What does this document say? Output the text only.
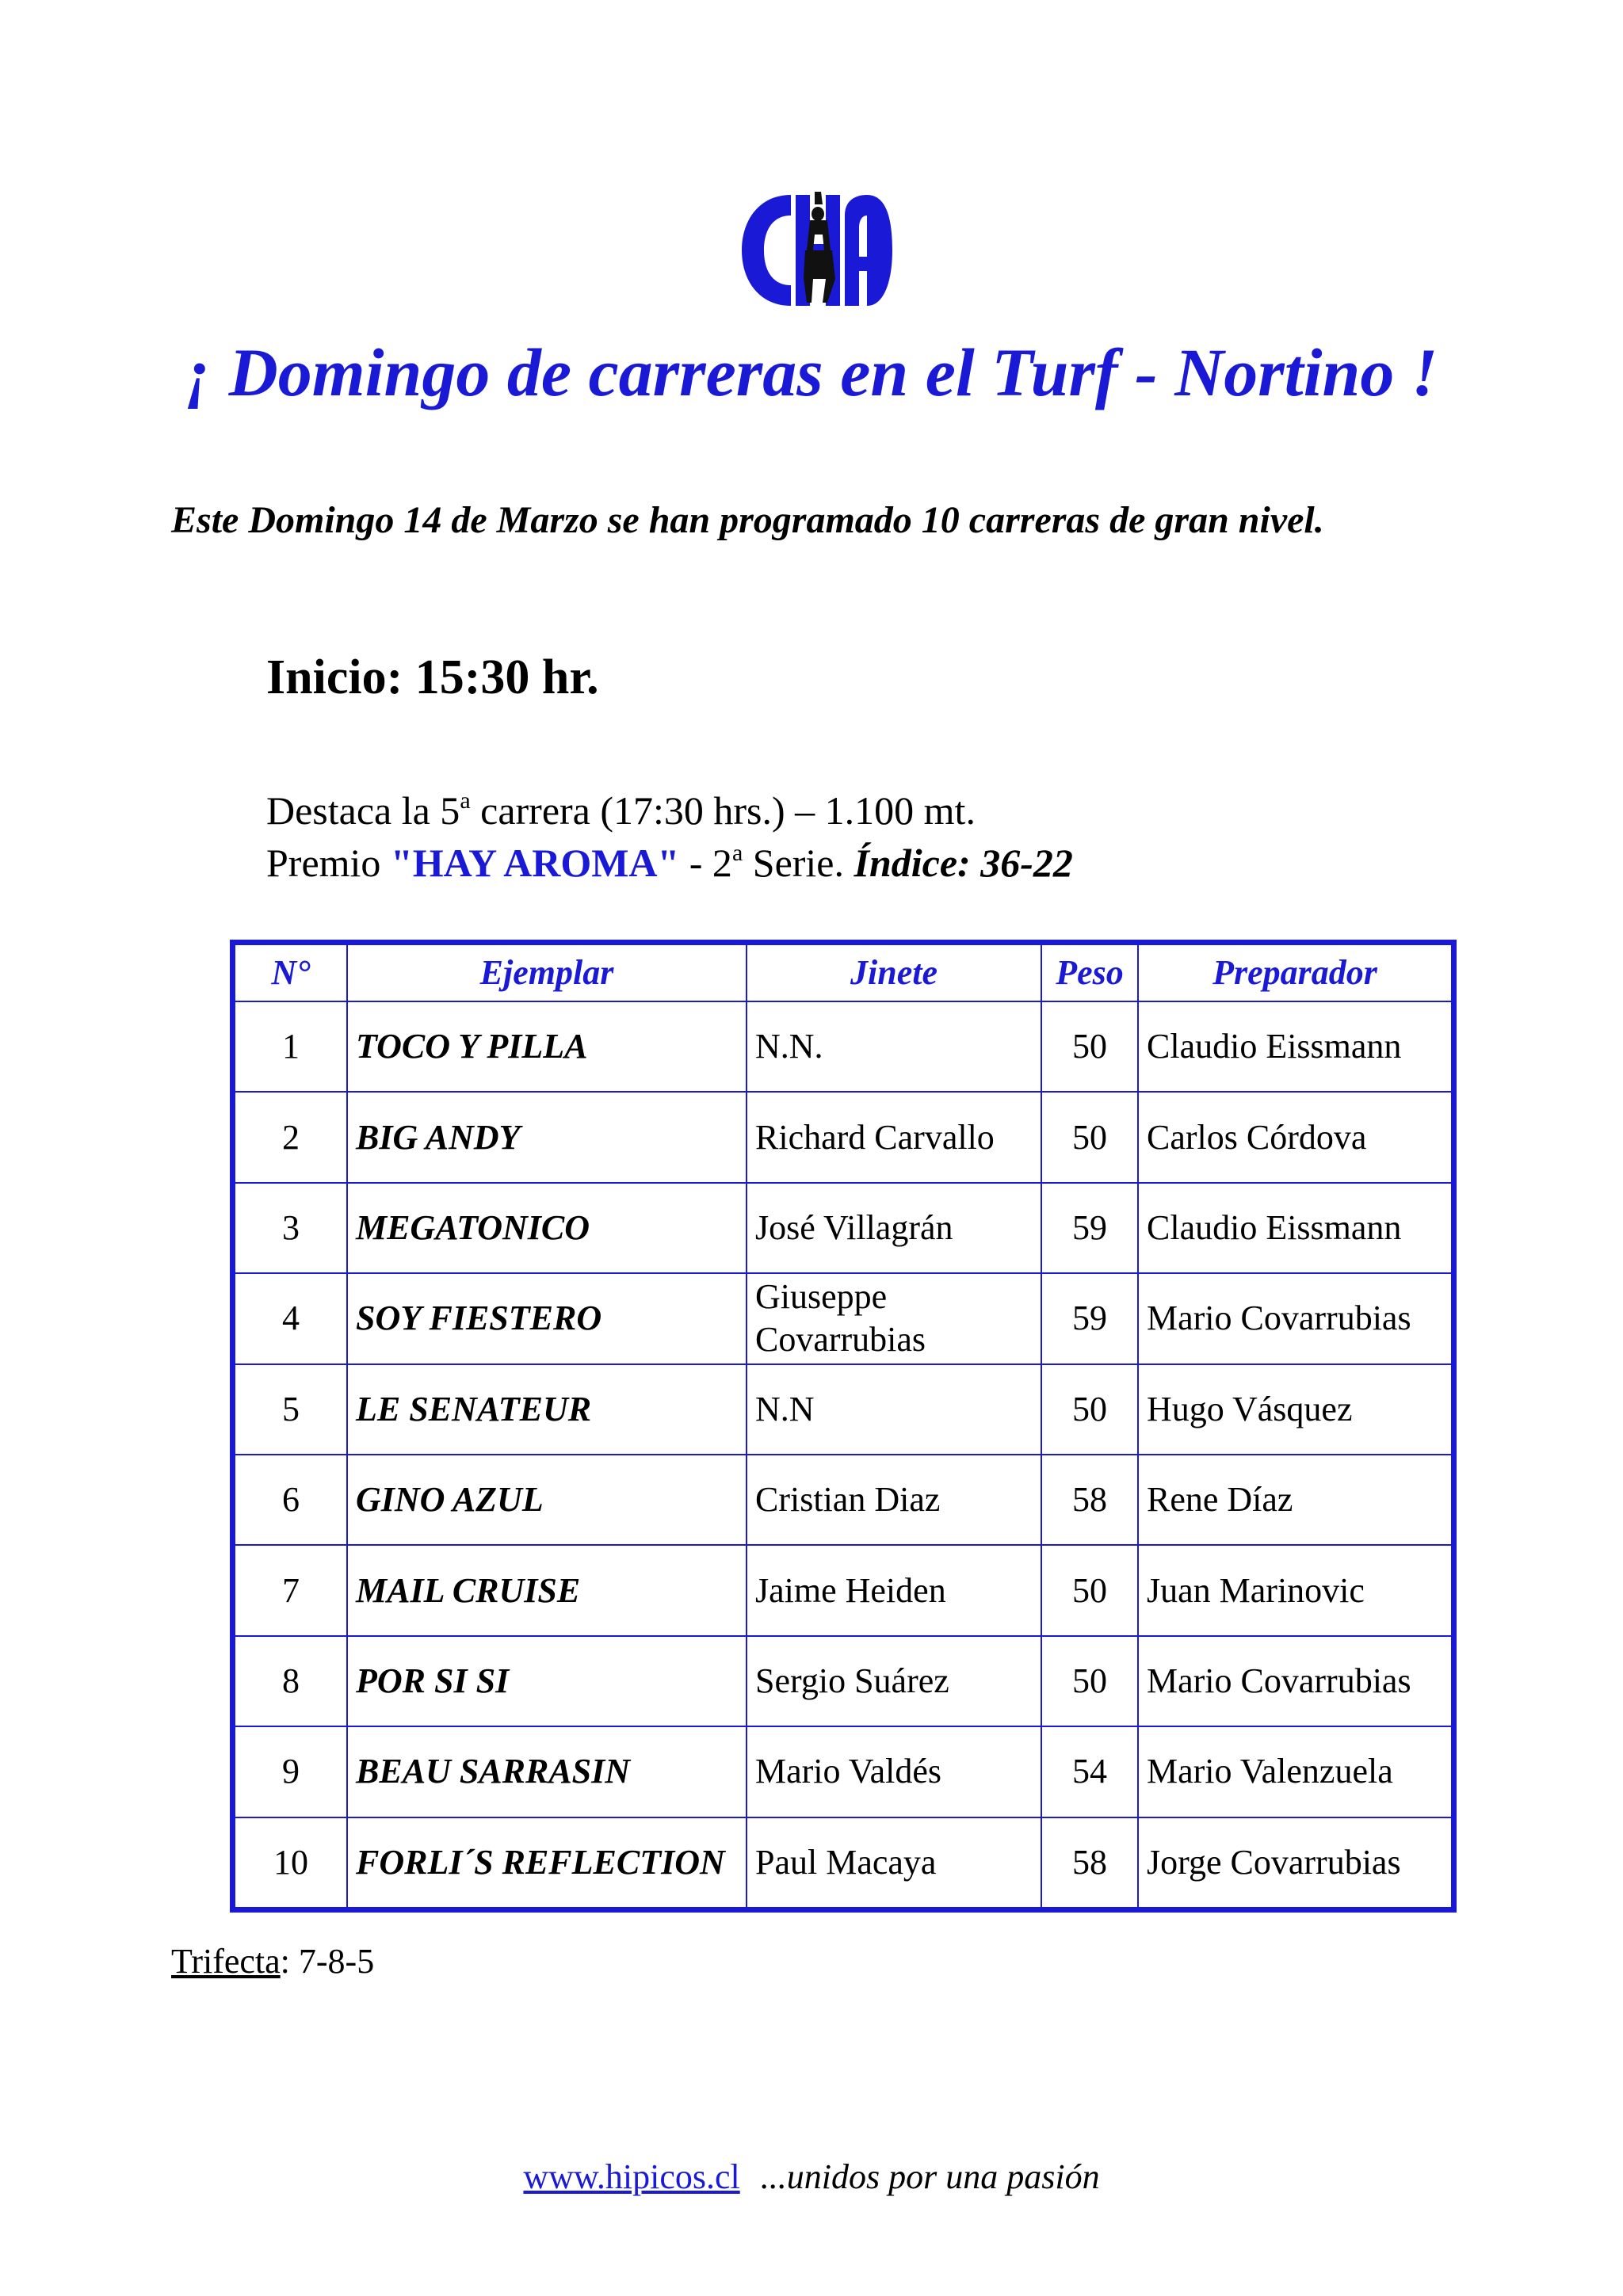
¡ Domingo de carreras en el Turf - Nortino !
Este Domingo 14 de Marzo se han programado 10 carreras de gran nivel.
Inicio: 15:30 hr.
Destaca la 5$^a$ carrera (17:30 hrs.) – 1.100 mt.
Premio "HAY AROMA" - 2$^a$ Serie. Índice: 36-22
N°	Ejemplar	Jinete	Peso	Preparador
1	TOCO Y PILLA	N.N.	50	Claudio Eissmann
2	BIG ANDY	Richard Carvallo	50	Carlos Córdova
3	MEGATONICO	José Villagrán	59	Claudio Eissmann
4	SOY FIESTERO	Giuseppe Covarrubias	59	Mario Covarrubias
5	LE SENATEUR	N.N	50	Hugo Vásquez
6	GINO AZUL	Cristian Diaz	58	Rene Díaz
7	MAIL CRUISE	Jaime Heiden	50	Juan Marinovic
8	POR SI SI	Sergio Suárez	50	Mario Covarrubias
9	BEAU SARRASIN	Mario Valdés	54	Mario Valenzuela
10	FORLI´S REFLECTION	Paul Macaya	58	Jorge Covarrubias
Trifecta: 7-8-5
www.hipicos.cl ...unidos por una pasión
